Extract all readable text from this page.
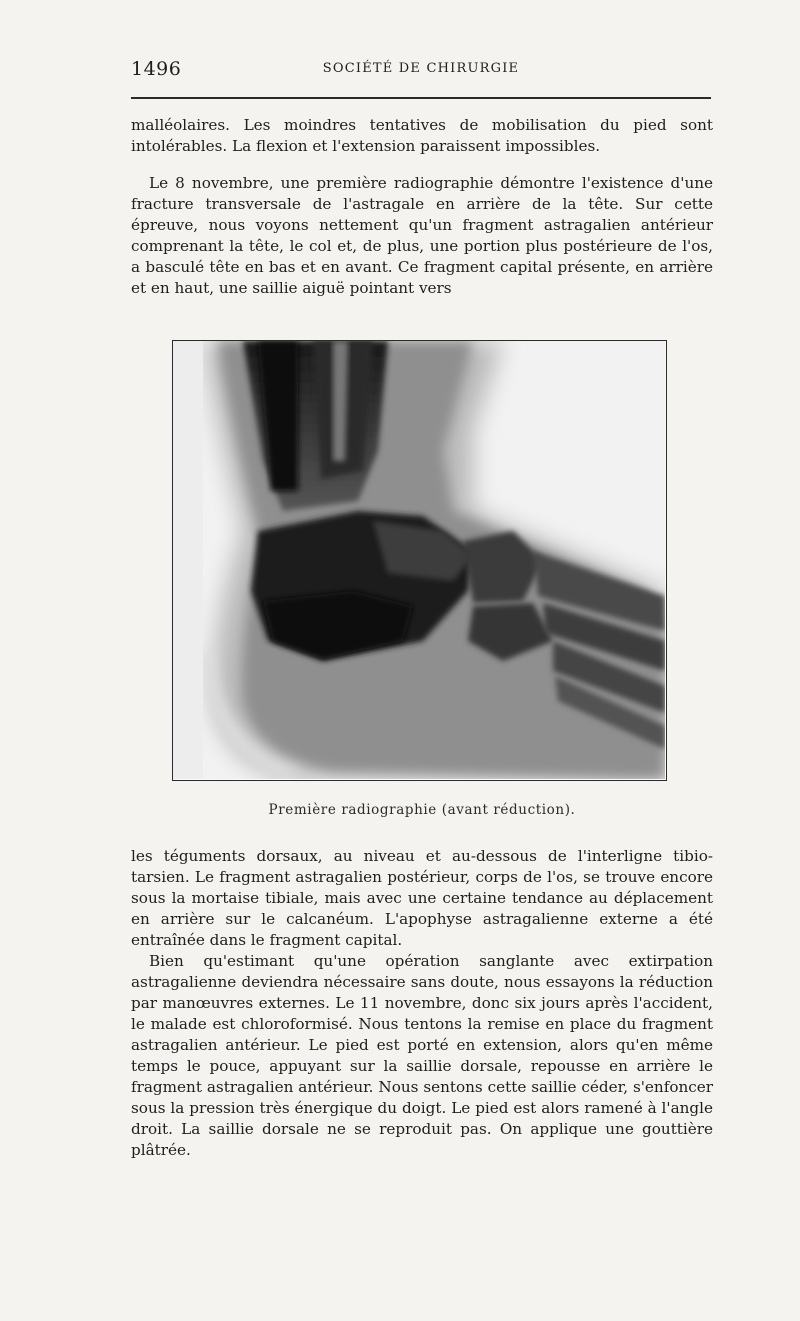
1496	SOCIÉTÉ DE CHIRURGIE

malléolaires. Les moindres tentatives de mobilisation du pied sont intolérables. La flexion et l'extension paraissent impossibles.

Le 8 novembre, une première radiographie démontre l'existence d'une fracture transversale de l'astragale en arrière de la tête. Sur cette épreuve, nous voyons nettement qu'un fragment astragalien antérieur comprenant la tête, le col et, de plus, une portion plus postérieure de l'os, a basculé tête en bas et en avant. Ce fragment capital présente, en arrière et en haut, une saillie aiguë pointant vers

Première radiographie (avant réduction).

les téguments dorsaux, au niveau et au-dessous de l'interligne tibio-tarsien. Le fragment astragalien postérieur, corps de l'os, se trouve encore sous la mortaise tibiale, mais avec une certaine tendance au déplacement en arrière sur le calcanéum. L'apophyse astragalienne externe a été entraînée dans le fragment capital.

Bien qu'estimant qu'une opération sanglante avec extirpation astragalienne deviendra nécessaire sans doute, nous essayons la réduction par manœuvres externes. Le 11 novembre, donc six jours après l'accident, le malade est chloroformisé. Nous tentons la remise en place du fragment astragalien antérieur. Le pied est porté en extension, alors qu'en même temps le pouce, appuyant sur la saillie dorsale, repousse en arrière le fragment astragalien antérieur. Nous sentons cette saillie céder, s'enfoncer sous la pression très énergique du doigt. Le pied est alors ramené à l'angle droit. La saillie dorsale ne se reproduit pas. On applique une gouttière plâtrée.
